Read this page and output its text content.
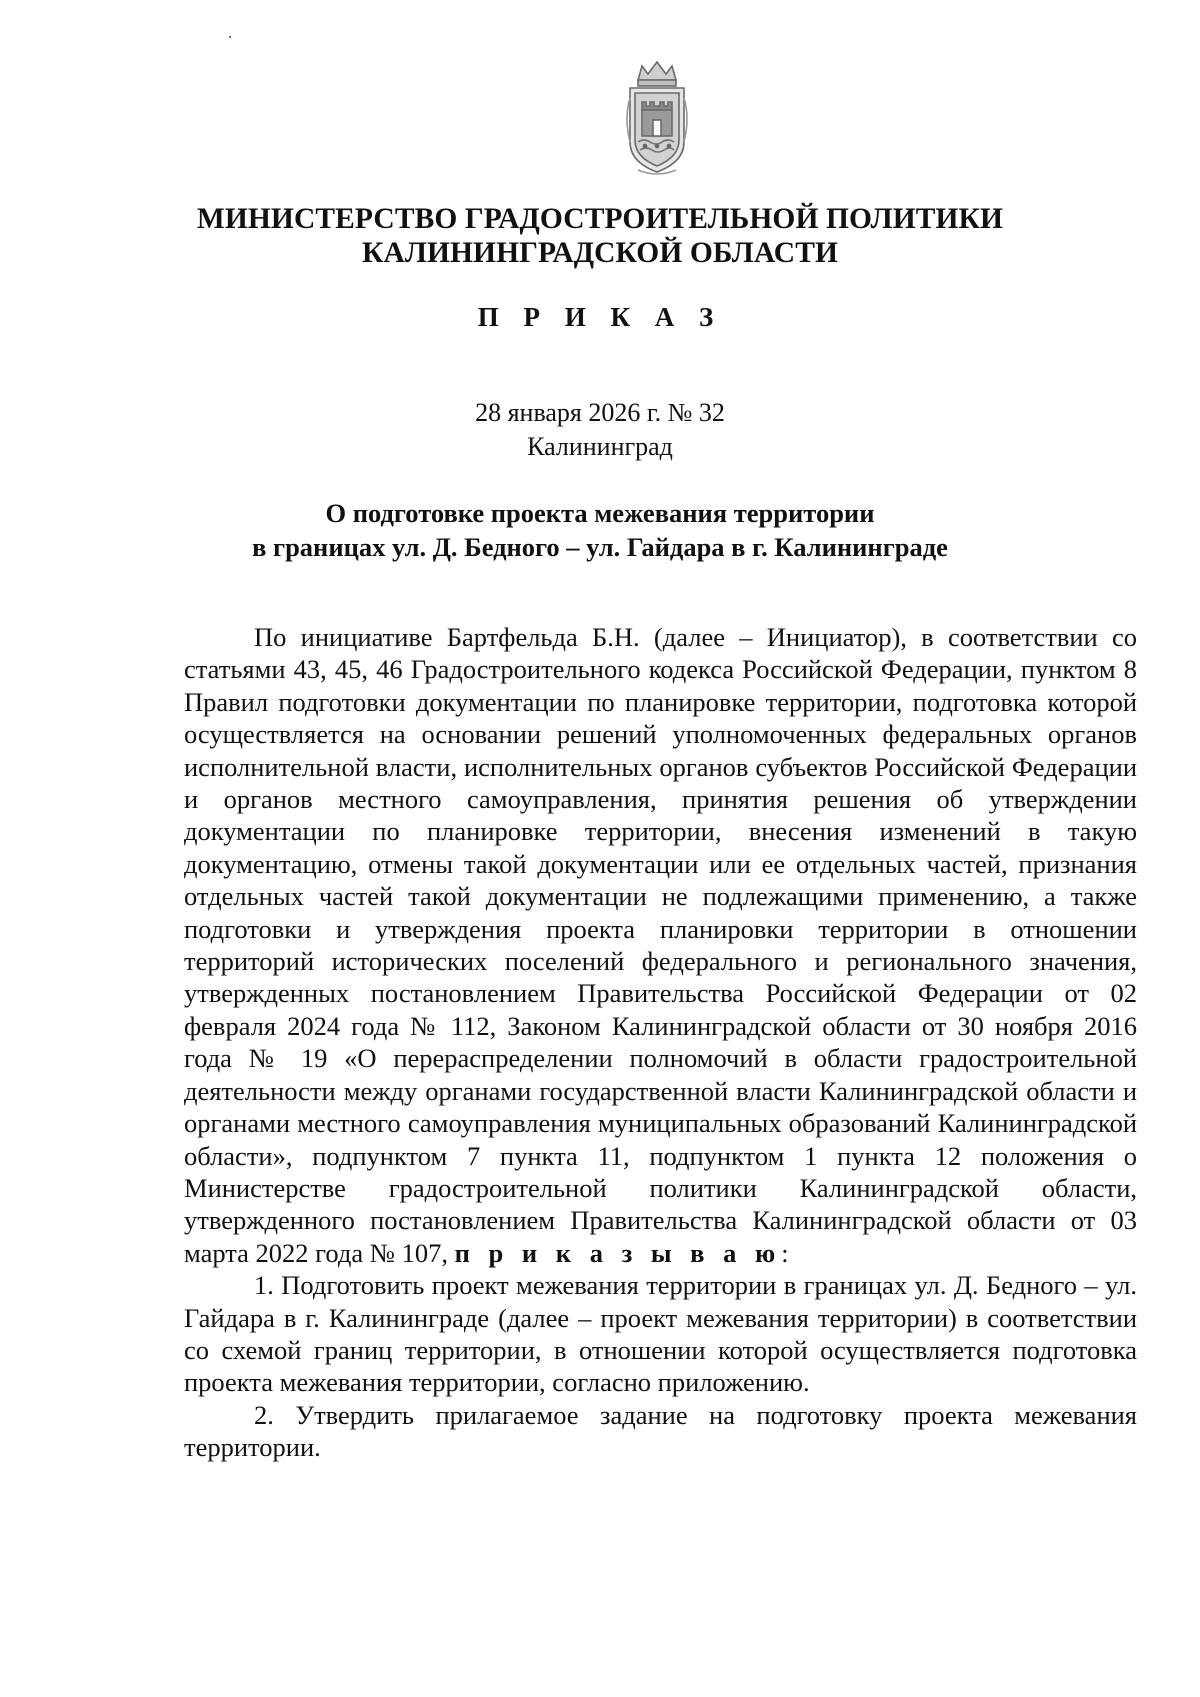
МИНИСТЕРСТВО ГРАДОСТРОИТЕЛЬНОЙ ПОЛИТИКИ
КАЛИНИНГРАДСКОЙ ОБЛАСТИ
П Р И К А З
28 января 2026 г. № 32
Калининград
О подготовке проекта межевания территории
в границах ул. Д. Бедного – ул. Гайдара в г. Калининграде

По инициативе Бартфельда Б.Н. (далее – Инициатор), в соответствии со статьями 43, 45, 46 Градостроительного кодекса Российской Федерации, пунктом 8 Правил подготовки документации по планировке территории, подготовка которой осуществляется на основании решений уполномоченных федеральных органов исполнительной власти, исполнительных органов субъектов Российской Федерации и органов местного самоуправления, принятия решения об утверждении документации по планировке территории, внесения изменений в такую документацию, отмены такой документации или ее отдельных частей, признания отдельных частей такой документации не подлежащими применению, а также подготовки и утверждения проекта планировки территории в отношении территорий исторических поселений федерального и регионального значения, утвержденных постановлением Правительства Российской Федерации от 02 февраля 2024 года № 112, Законом Калининградской области от 30 ноября 2016 года № 19 «О перераспределении полномочий в области градостроительной деятельности между органами государственной власти Калининградской области и органами местного самоуправления муниципальных образований Калининградской области», подпунктом 7 пункта 11, подпунктом 1 пункта 12 положения о Министерстве градостроительной политики Калининградской области, утвержденного постановлением Правительства Калининградской области от 03 марта 2022 года № 107, п р и к а з ы в а ю:

1. Подготовить проект межевания территории в границах ул. Д. Бедного – ул. Гайдара в г. Калининграде (далее – проект межевания территории) в соответствии со схемой границ территории, в отношении которой осуществляется подготовка проекта межевания территории, согласно приложению.

2. Утвердить прилагаемое задание на подготовку проекта межевания территории.
